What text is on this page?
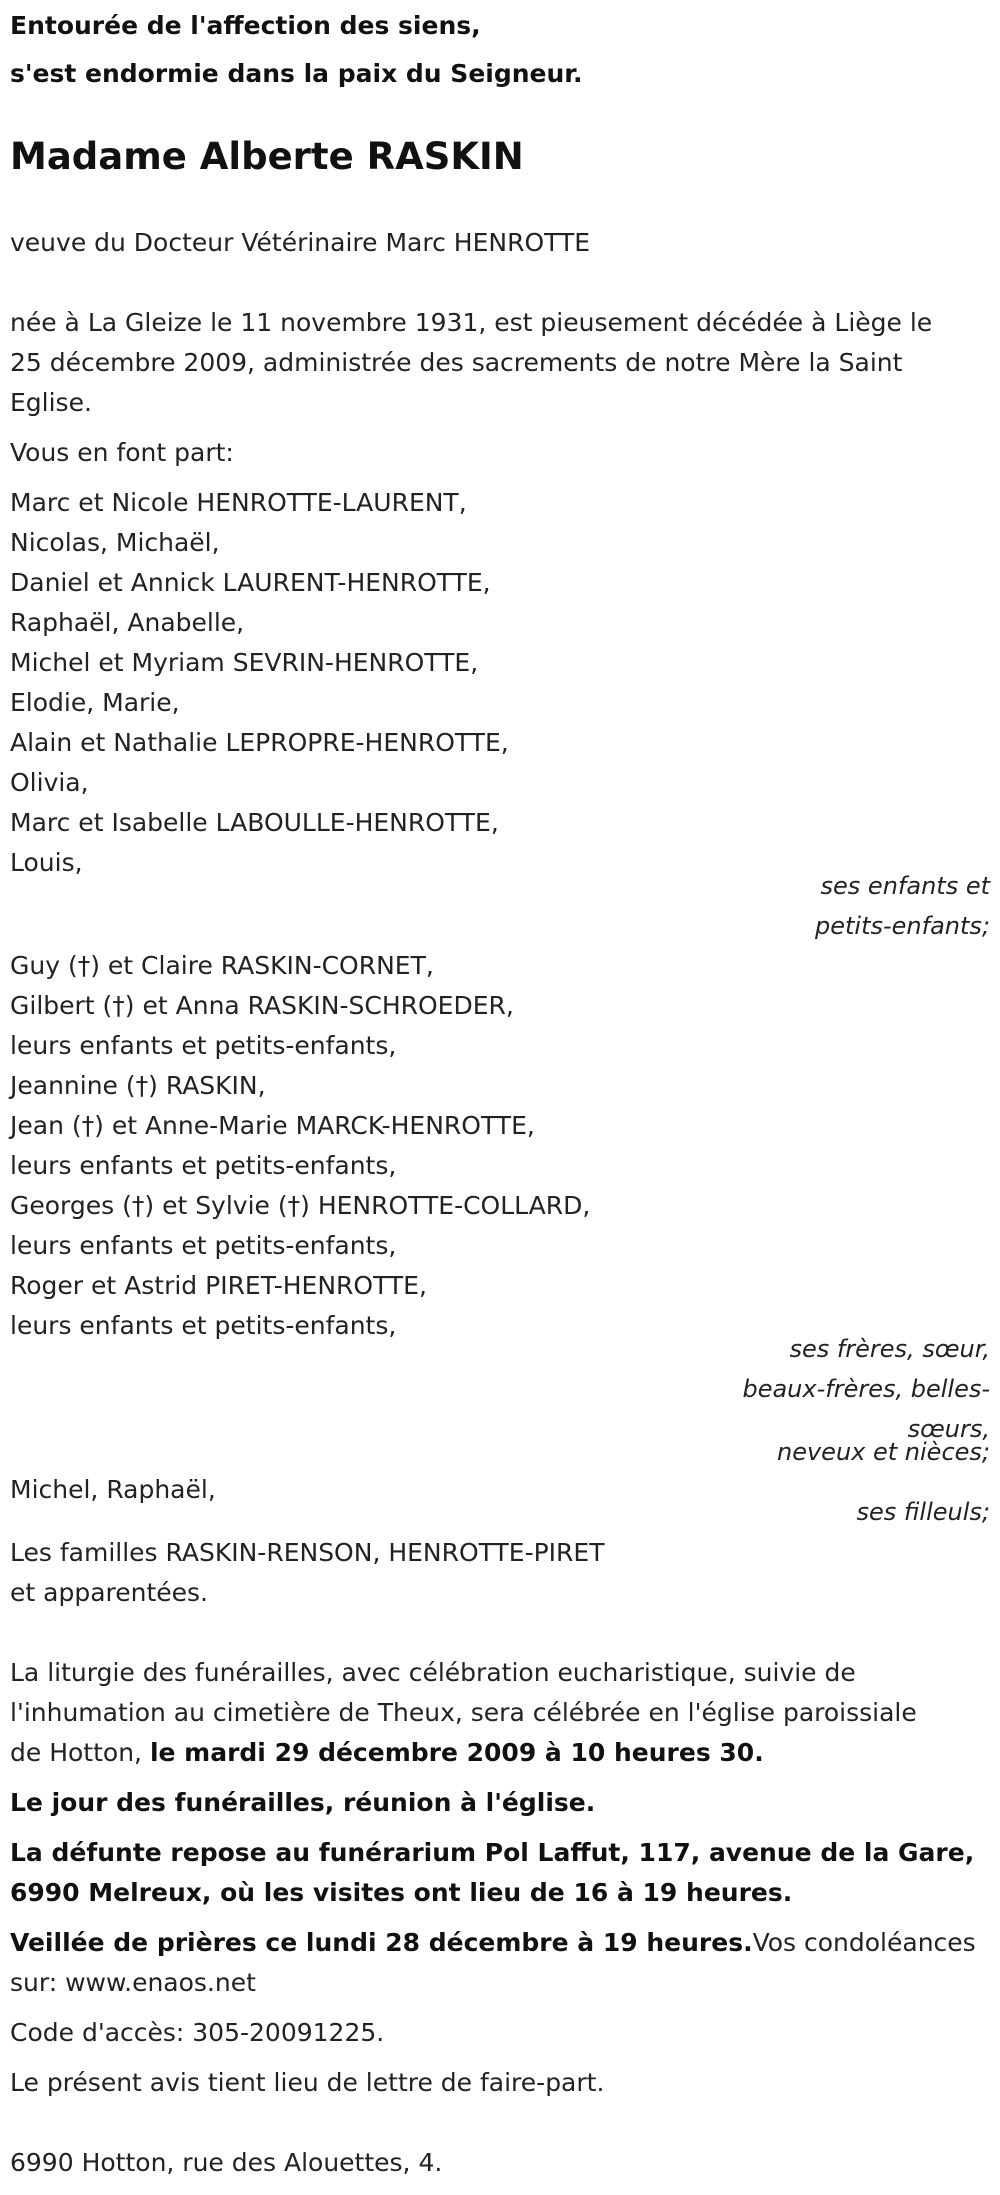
Entourée de l'affection des siens,
s'est endormie dans la paix du Seigneur.
Madame Alberte RASKIN
veuve du Docteur Vétérinaire Marc HENROTTE
née à La Gleize le 11 novembre 1931, est pieusement décédée à Liège le
25 décembre 2009, administrée des sacrements de notre Mère la Saint
Eglise.
Vous en font part:
Marc et Nicole HENROTTE-LAURENT,
Nicolas, Michaël,
Daniel et Annick LAURENT-HENROTTE,
Raphaël, Anabelle,
Michel et Myriam SEVRIN-HENROTTE,
Elodie, Marie,
Alain et Nathalie LEPROPRE-HENROTTE,
Olivia,
Marc et Isabelle LABOULLE-HENROTTE,
Louis,
ses enfants et
petits-enfants;
Guy (†) et Claire RASKIN-CORNET,
Gilbert (†) et Anna RASKIN-SCHROEDER,
leurs enfants et petits-enfants,
Jeannine (†) RASKIN,
Jean (†) et Anne-Marie MARCK-HENROTTE,
leurs enfants et petits-enfants,
Georges (†) et Sylvie (†) HENROTTE-COLLARD,
leurs enfants et petits-enfants,
Roger et Astrid PIRET-HENROTTE,
leurs enfants et petits-enfants,
ses frères, sœur,
beaux-frères, belles-
sœurs,
neveux et nièces;
Michel, Raphaël,
ses filleuls;
Les familles RASKIN-RENSON, HENROTTE-PIRET
et apparentées.
La liturgie des funérailles, avec célébration eucharistique, suivie de
l'inhumation au cimetière de Theux, sera célébrée en l'église paroissiale
de Hotton, le mardi 29 décembre 2009 à 10 heures 30.
Le jour des funérailles, réunion à l'église.
La défunte repose au funérarium Pol Laffut, 117, avenue de la Gare,
6990 Melreux, où les visites ont lieu de 16 à 19 heures.
Veillée de prières ce lundi 28 décembre à 19 heures.Vos condoléances
sur: www.enaos.net
Code d'accès: 305-20091225.
Le présent avis tient lieu de lettre de faire-part.
6990 Hotton, rue des Alouettes, 4.
